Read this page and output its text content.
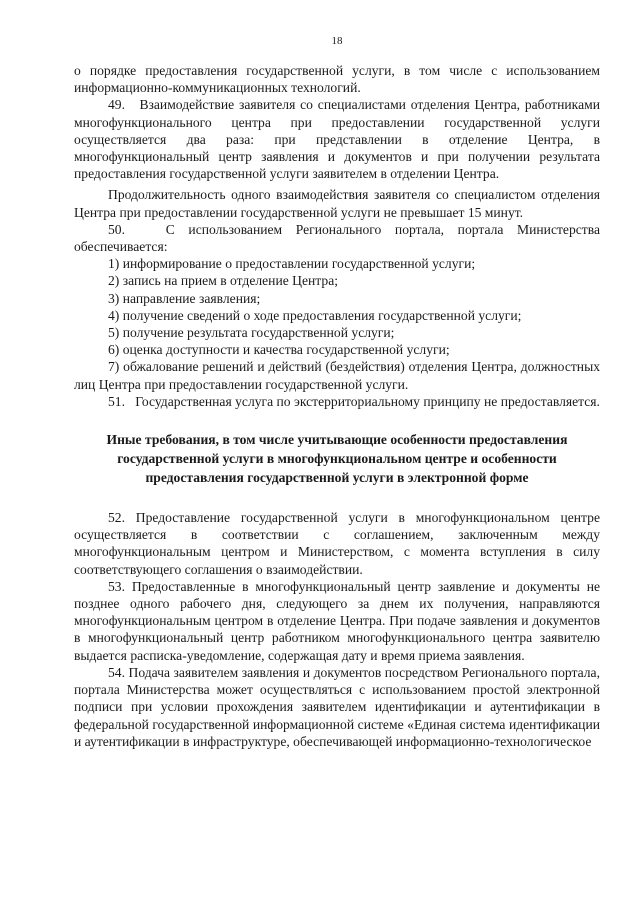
18

о порядке предоставления государственной услуги, в том числе с использованием информационно-коммуникационных технологий.

49.   Взаимодействие заявителя со специалистами отделения Центра, работниками многофункционального центра при предоставлении государственной услуги осуществляется два раза: при представлении в отделение Центра, в многофункциональный центр заявления и документов и при получении результата предоставления государственной услуги заявителем в отделении Центра.

Продолжительность одного взаимодействия заявителя со специалистом отделения Центра при предоставлении государственной услуги не превышает 15 минут.

50.   С использованием Регионального портала, портала Министерства обеспечивается:

1) информирование о предоставлении государственной услуги;
2) запись на прием в отделение Центра;
3) направление заявления;
4) получение сведений о ходе предоставления государственной услуги;
5) получение результата государственной услуги;
6) оценка доступности и качества государственной услуги;
7) обжалование решений и действий (бездействия) отделения Центра, должностных лиц Центра при предоставлении государственной услуги.

51.   Государственная услуга по экстерриториальному принципу не предоставляется.

Иные требования, в том числе учитывающие особенности предоставления государственной услуги в многофункциональном центре и особенности предоставления государственной услуги в электронной форме

52. Предоставление государственной услуги в многофункциональном центре осуществляется в соответствии с соглашением, заключенным между многофункциональным центром и Министерством, с момента вступления в силу соответствующего соглашения о взаимодействии.

53. Предоставленные в многофункциональный центр заявление и документы не позднее одного рабочего дня, следующего за днем их получения, направляются многофункциональным центром в отделение Центра. При подаче заявления и документов в многофункциональный центр работником многофункционального центра заявителю выдается расписка-уведомление, содержащая дату и время приема заявления.

54. Подача заявителем заявления и документов посредством Регионального портала, портала Министерства может осуществляться с использованием простой электронной подписи при условии прохождения заявителем идентификации и аутентификации в федеральной государственной информационной системе «Единая система идентификации и аутентификации в инфраструктуре, обеспечивающей информационно-технологическое
